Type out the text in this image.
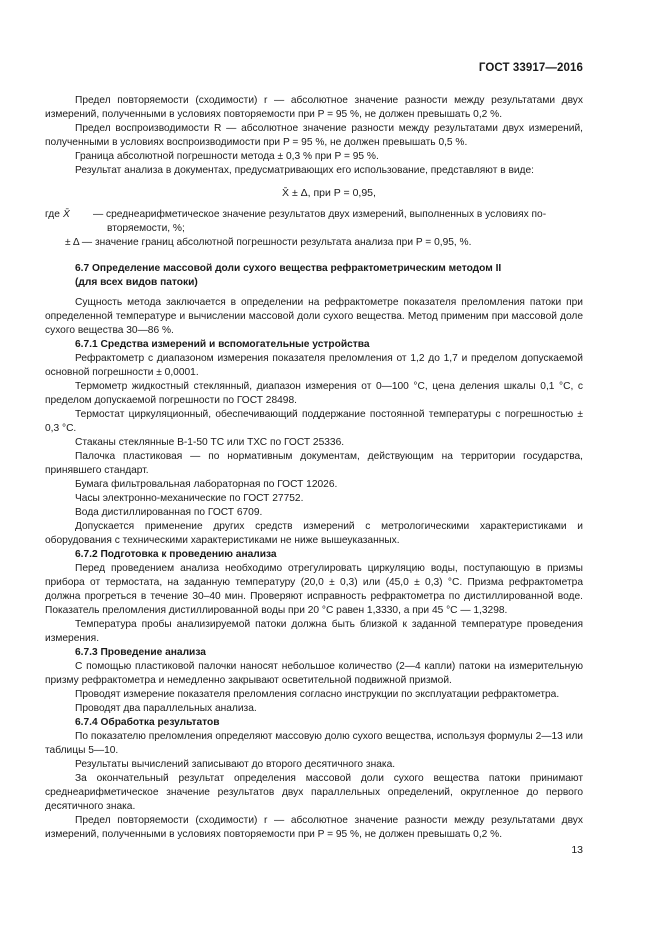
ГОСТ 33917—2016

Предел повторяемости (сходимости) r — абсолютное значение разности между результатами двух измерений, полученными в условиях повторяемости при P = 95 %, не должен превышать 0,2 %.

Предел воспроизводимости R — абсолютное значение разности между результатами двух измерений, полученными в условиях воспроизводимости при P = 95 %, не должен превышать 0,5 %.

Граница абсолютной погрешности метода ± 0,3 % при P = 95 %.

Результат анализа в документах, предусматривающих его использование, представляют в виде:

X̄ ± Δ, при P = 0,95,
где X̄	— среднеарифметическое значение результатов двух измерений, выполненных в условиях по-
вторяемости, %;

± Δ — значение границ абсолютной погрешности результата анализа при P = 0,95, %.

6.7 Определение массовой доли сухого вещества рефрактометрическим методом II

(для всех видов патоки)

Сущность метода заключается в определении на рефрактометре показателя преломления патоки при определенной температуре и вычислении массовой доли сухого вещества. Метод применим при массовой доле сухого вещества 30—86 %.

6.7.1 Средства измерений и вспомогательные устройства

Рефрактометр с диапазоном измерения показателя преломления от 1,2 до 1,7 и пределом допускаемой основной погрешности ± 0,0001.

Термометр жидкостный стеклянный, диапазон измерения от 0—100 °С, цена деления шкалы 0,1 °С, с пределом допускаемой погрешности по ГОСТ 28498.

Термостат циркуляционный, обеспечивающий поддержание постоянной температуры с погрешностью ± 0,3 °С.

Стаканы стеклянные В-1-50 ТС или ТХС по ГОСТ 25336.

Палочка пластиковая — по нормативным документам, действующим на территории государства, принявшего стандарт.

Бумага фильтровальная лабораторная по ГОСТ 12026.

Часы электронно-механические по ГОСТ 27752.

Вода дистиллированная по ГОСТ 6709.

Допускается применение других средств измерений с метрологическими характеристиками и оборудования с техническими характеристиками не ниже вышеуказанных.

6.7.2 Подготовка к проведению анализа

Перед проведением анализа необходимо отрегулировать циркуляцию воды, поступающую в призмы прибора от термостата, на заданную температуру (20,0 ± 0,3) или (45,0 ± 0,3) °С. Призма рефрактометра должна прогреться в течение 30–40 мин. Проверяют исправность рефрактометра по дистиллированной воде. Показатель преломления дистиллированной воды при 20 °С равен 1,3330, а при 45 °С — 1,3298.

Температура пробы анализируемой патоки должна быть близкой к заданной температуре проведения измерения.

6.7.3 Проведение анализа

С помощью пластиковой палочки наносят небольшое количество (2—4 капли) патоки на измерительную призму рефрактометра и немедленно закрывают осветительной подвижной призмой.

Проводят измерение показателя преломления согласно инструкции по эксплуатации рефрактометра.

Проводят два параллельных анализа.

6.7.4 Обработка результатов

По показателю преломления определяют массовую долю сухого вещества, используя формулы 2—13 или таблицы 5—10.

Результаты вычислений записывают до второго десятичного знака.

За окончательный результат определения массовой доли сухого вещества патоки принимают среднеарифметическое значение результатов двух параллельных определений, округленное до первого десятичного знака.

Предел повторяемости (сходимости) r — абсолютное значение разности между результатами двух измерений, полученными в условиях повторяемости при P = 95 %, не должен превышать 0,2 %.

13
